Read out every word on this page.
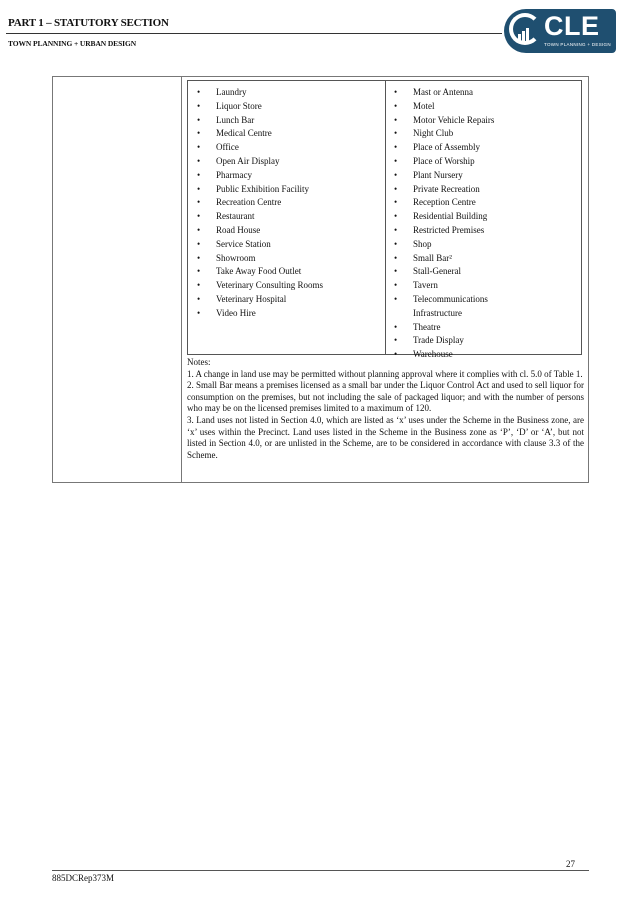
PART 1 – STATUTORY SECTION
TOWN PLANNING + URBAN DESIGN
CLE
TOWN PLANNING + DESIGN
• Laundry
• Liquor Store
• Lunch Bar
• Medical Centre
• Office
• Open Air Display
• Pharmacy
• Public Exhibition Facility
• Recreation Centre
• Restaurant
• Road House
• Service Station
• Showroom
• Take Away Food Outlet
• Veterinary Consulting Rooms
• Veterinary Hospital
• Video Hire
• Mast or Antenna
• Motel
• Motor Vehicle Repairs
• Night Club
• Place of Assembly
• Place of Worship
• Plant Nursery
• Private Recreation
• Reception Centre
• Residential Building
• Restricted Premises
• Shop
• Small Bar²
• Stall-General
• Tavern
• Telecommunications
Infrastructure
• Theatre
• Trade Display
• Warehouse

Notes:

1. A change in land use may be permitted without planning approval where it complies with cl. 5.0 of Table 1.

2. Small Bar means a premises licensed as a small bar under the Liquor Control Act and used to sell liquor for consumption on the premises, but not including the sale of packaged liquor; and with the number of persons who may be on the licensed premises limited to a maximum of 120.

3. Land uses not listed in Section 4.0, which are listed as ‘x’ uses under the Scheme in the Business zone, are ‘x’ uses within the Precinct. Land uses listed in the Scheme in the Business zone as ‘P’, ‘D’ or ‘A’, but not listed in Section 4.0, or are unlisted in the Scheme, are to be considered in accordance with clause 3.3 of the Scheme.

27
885DCRep373M
